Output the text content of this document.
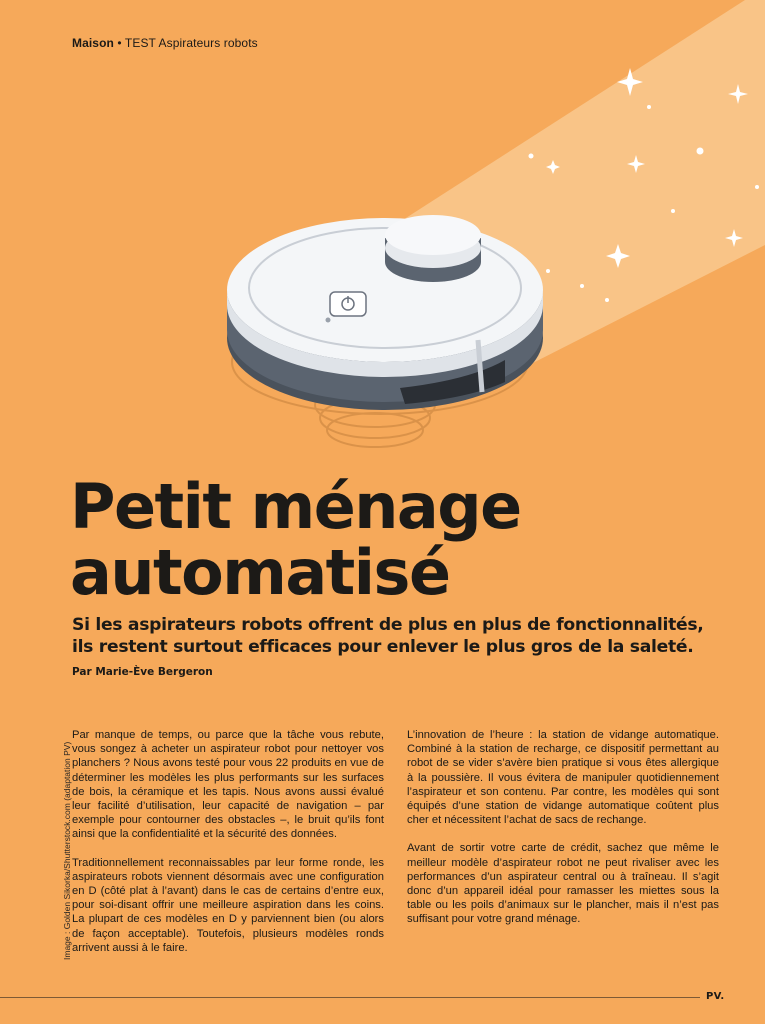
Maison • TEST Aspirateurs robots
Petit ménage
automatisé

Si les aspirateurs robots offrent de plus en plus de fonctionnalités,
ils restent surtout efficaces pour enlever le plus gros de la saleté.

Par Marie-Ève Bergeron
Image : Golden Sikorka/Shutterstock.com (adaptation PV)

Par manque de temps, ou parce que la tâche vous rebute, vous songez à acheter un aspirateur robot pour nettoyer vos planchers ? Nous avons testé pour vous 22 produits en vue de déterminer les modèles les plus performants sur les surfaces de bois, la céramique et les tapis. Nous avons aussi évalué leur facilité d’utilisation, leur capacité de navigation – par exemple pour contourner des obstacles –, le bruit qu’ils font ainsi que la confidentialité et la sécurité des données.

Traditionnellement reconnaissables par leur forme ronde, les aspirateurs robots viennent désormais avec une configuration en D (côté plat à l’avant) dans le cas de certains d’entre eux, pour soi-disant offrir une meilleure aspiration dans les coins. La plupart de ces modèles en D y parviennent bien (ou alors de façon acceptable). Toutefois, plusieurs modèles ronds arrivent aussi à le faire.

L’innovation de l’heure : la station de vidange automatique. Combiné à la station de recharge, ce dispositif permettant au robot de se vider s’avère bien pratique si vous êtes allergique à la poussière. Il vous évitera de manipuler quotidiennement l’aspirateur et son contenu. Par contre, les modèles qui sont équipés d’une station de vidange automatique coûtent plus cher et nécessitent l’achat de sacs de rechange.

Avant de sortir votre carte de crédit, sachez que même le meilleur modèle d’aspirateur robot ne peut rivaliser avec les performances d’un aspirateur central ou à traîneau. Il s’agit donc d’un appareil idéal pour ramasser les miettes sous la table ou les poils d’animaux sur le plancher, mais il n’est pas suffisant pour votre grand ménage.

PV.
